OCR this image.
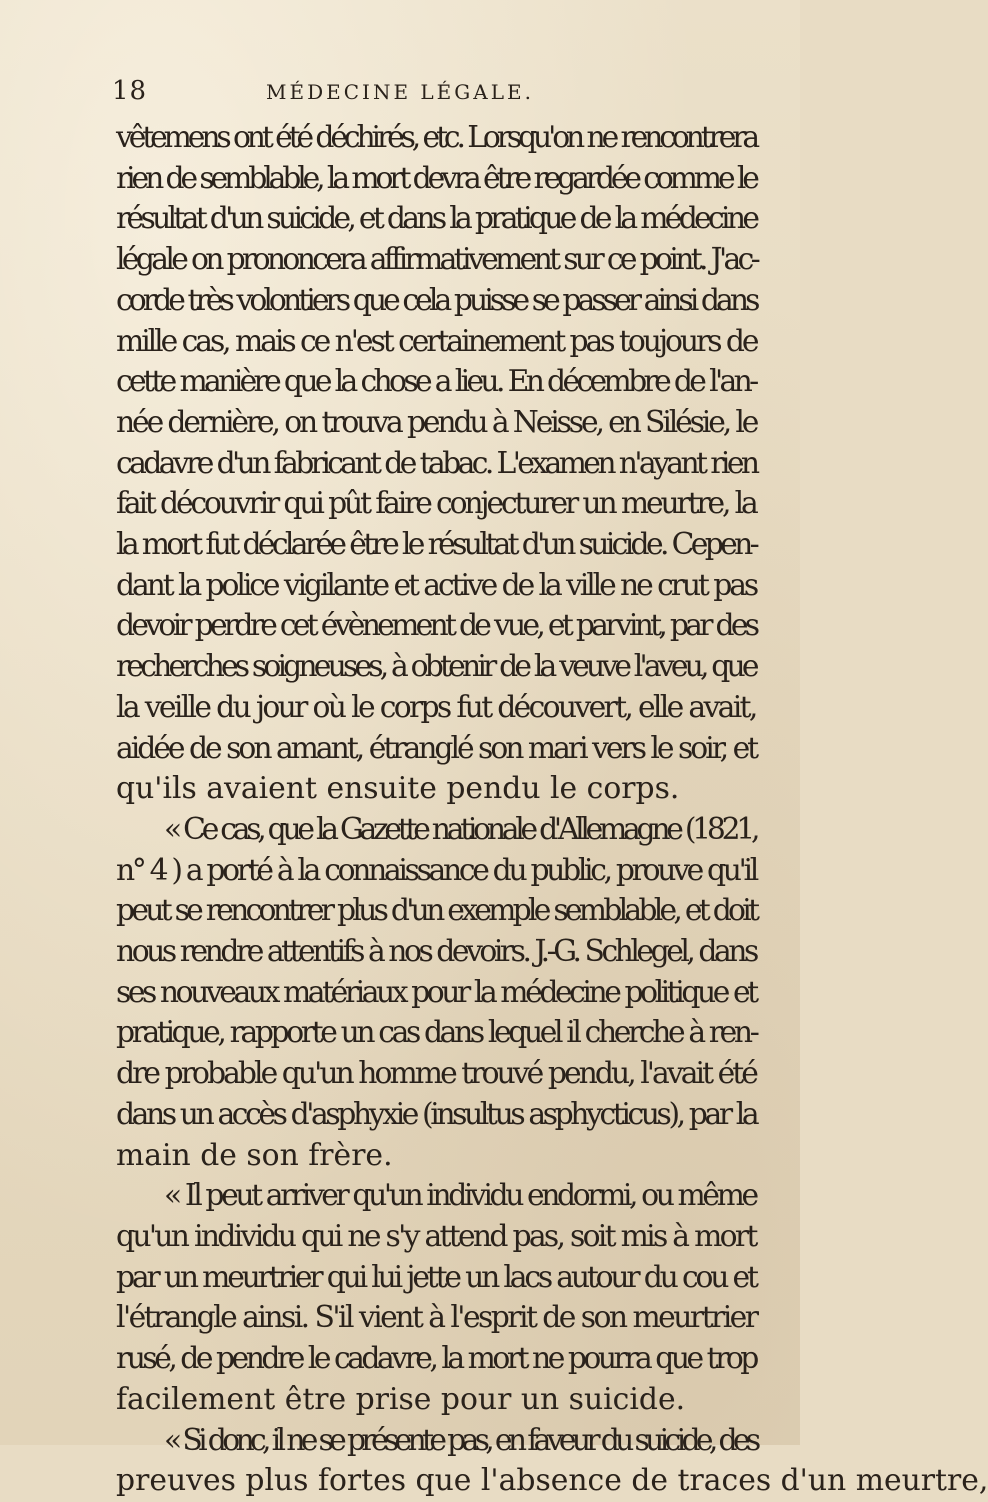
18	MÉDECINE LÉGALE.
vêtemens ont été déchirés, etc. Lorsqu'on ne rencontrera
rien de semblable, la mort devra être regardée comme le
résultat d'un suicide, et dans la pratique de la médecine
légale on prononcera affirmativement sur ce point. J'ac-
corde très volontiers que cela puisse se passer ainsi dans
mille cas, mais ce n'est certainement pas toujours de
cette manière que la chose a lieu. En décembre de l'an-
née dernière, on trouva pendu à Neisse, en Silésie, le
cadavre d'un fabricant de tabac. L'examen n'ayant rien
fait découvrir qui pût faire conjecturer un meurtre, la
la mort fut déclarée être le résultat d'un suicide. Cepen-
dant la police vigilante et active de la ville ne crut pas
devoir perdre cet évènement de vue, et parvint, par des
recherches soigneuses, à obtenir de la veuve l'aveu, que
la veille du jour où le corps fut découvert, elle avait,
aidée de son amant, étranglé son mari vers le soir, et
qu'ils avaient ensuite pendu le corps.
« Ce cas, que la Gazette nationale d'Allemagne (1821,
n° 4 ) a porté à la connaissance du public, prouve qu'il
peut se rencontrer plus d'un exemple semblable, et doit
nous rendre attentifs à nos devoirs. J.-G. Schlegel, dans
ses nouveaux matériaux pour la médecine politique et
pratique, rapporte un cas dans lequel il cherche à ren-
dre probable qu'un homme trouvé pendu, l'avait été
dans un accès d'asphyxie (insultus asphycticus), par la
main de son frère.
« Il peut arriver qu'un individu endormi, ou même
qu'un individu qui ne s'y attend pas, soit mis à mort
par un meurtrier qui lui jette un lacs autour du cou et
l'étrangle ainsi. S'il vient à l'esprit de son meurtrier
rusé, de pendre le cadavre, la mort ne pourra que trop
facilement être prise pour un suicide.
« Si donc, il ne se présente pas, en faveur du suicide, des
preuves plus fortes que l'absence de traces d'un meurtre,
